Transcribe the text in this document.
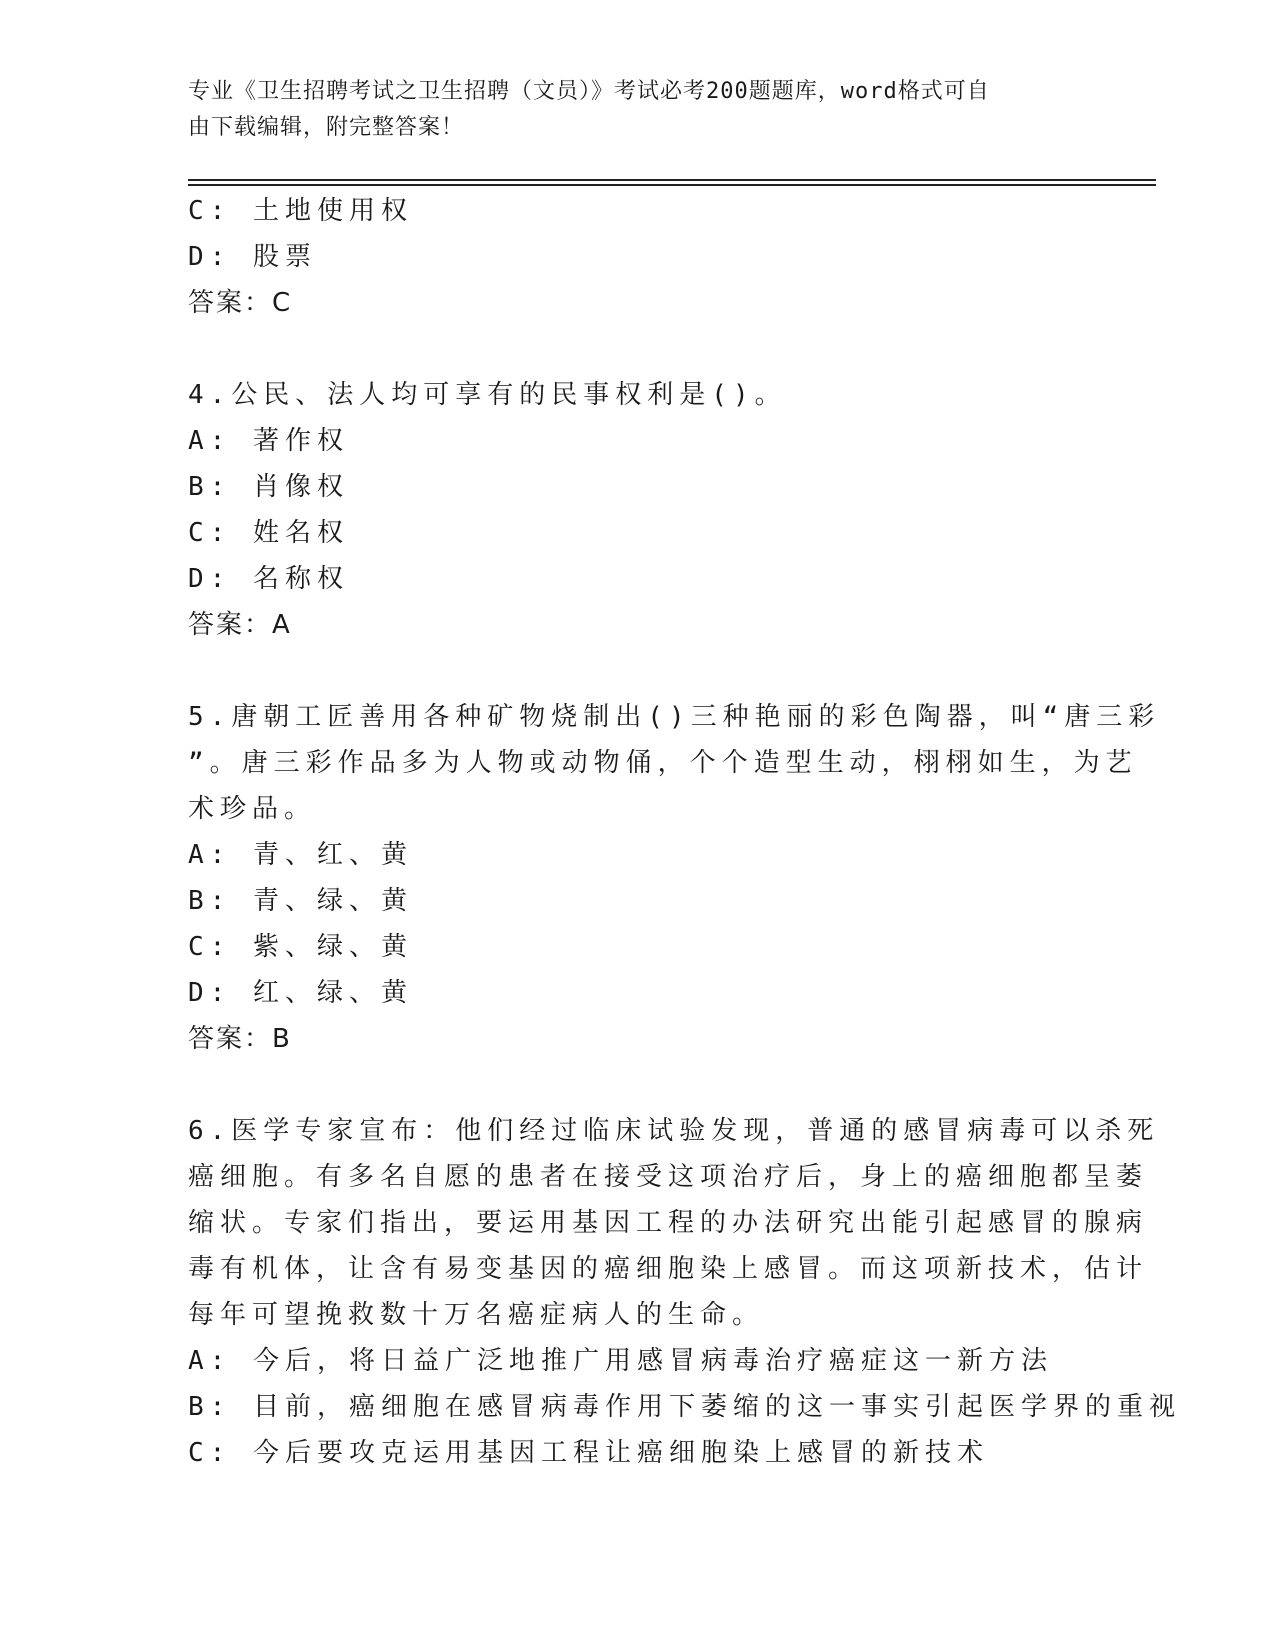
专业《卫生招聘考试之卫生招聘（文员）》考试必考200题题库，word格式可自
由下载编辑，附完整答案！
C: 土地使用权
D: 股票
答案：C
4.公民、法人均可享有的民事权利是()。
A: 著作权
B: 肖像权
C: 姓名权
D: 名称权
答案：A
5.唐朝工匠善用各种矿物烧制出()三种艳丽的彩色陶器，叫“唐三彩
”。唐三彩作品多为人物或动物俑，个个造型生动，栩栩如生，为艺
术珍品。
A: 青、红、黄
B: 青、绿、黄
C: 紫、绿、黄
D: 红、绿、黄
答案：B
6.医学专家宣布：他们经过临床试验发现，普通的感冒病毒可以杀死
癌细胞。有多名自愿的患者在接受这项治疗后，身上的癌细胞都呈萎
缩状。专家们指出，要运用基因工程的办法研究出能引起感冒的腺病
毒有机体，让含有易变基因的癌细胞染上感冒。而这项新技术，估计
每年可望挽救数十万名癌症病人的生命。
A: 今后，将日益广泛地推广用感冒病毒治疗癌症这一新方法
B: 目前，癌细胞在感冒病毒作用下萎缩的这一事实引起医学界的重视
C: 今后要攻克运用基因工程让癌细胞染上感冒的新技术
